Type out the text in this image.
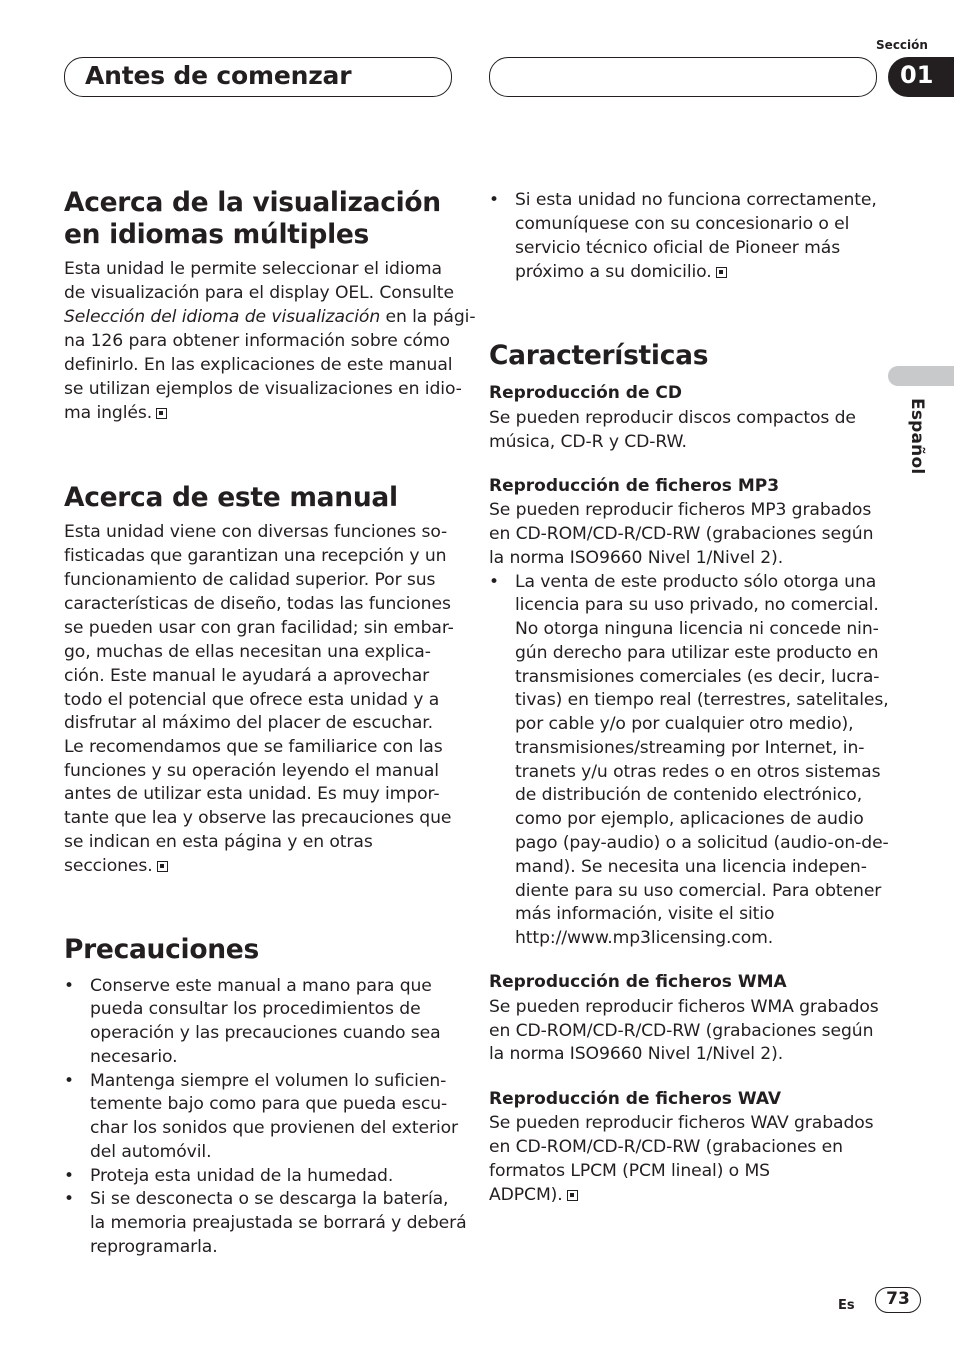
Antes de comenzar
Sección
01
Español
Acerca de la visualización
en idiomas múltiples

Esta unidad le permite seleccionar el idioma

de visualización para el display OEL. Consulte

Selección del idioma de visualización en la pági-

na 126 para obtener información sobre cómo

definirlo. En las explicaciones de este manual

se utilizan ejemplos de visualizaciones en idio-

ma inglés.

Acerca de este manual

Esta unidad viene con diversas funciones so-

fisticadas que garantizan una recepción y un

funcionamiento de calidad superior. Por sus

características de diseño, todas las funciones

se pueden usar con gran facilidad; sin embar-

go, muchas de ellas necesitan una explica-

ción. Este manual le ayudará a aprovechar

todo el potencial que ofrece esta unidad y a

disfrutar al máximo del placer de escuchar.

Le recomendamos que se familiarice con las

funciones y su operación leyendo el manual

antes de utilizar esta unidad. Es muy impor-

tante que lea y observe las precauciones que

se indican en esta página y en otras

secciones.

Precauciones
• Conserve este manual a mano para que

pueda consultar los procedimientos de

operación y las precauciones cuando sea

necesario.

• Mantenga siempre el volumen lo suficien-

temente bajo como para que pueda escu-

char los sonidos que provienen del exterior

del automóvil.

• Proteja esta unidad de la humedad.

• Si se desconecta o se descarga la batería,

la memoria preajustada se borrará y deberá

reprogramarla.

• Si esta unidad no funciona correctamente,

comuníquese con su concesionario o el

servicio técnico oficial de Pioneer más

próximo a su domicilio.

Características

Reproducción de CD

Se pueden reproducir discos compactos de

música, CD-R y CD-RW.

Reproducción de ficheros MP3

Se pueden reproducir ficheros MP3 grabados

en CD-ROM/CD-R/CD-RW (grabaciones según

la norma ISO9660 Nivel 1/Nivel 2).

• La venta de este producto sólo otorga una

licencia para su uso privado, no comercial.

No otorga ninguna licencia ni concede nin-

gún derecho para utilizar este producto en

transmisiones comerciales (es decir, lucra-

tivas) en tiempo real (terrestres, satelitales,

por cable y/o por cualquier otro medio),

transmisiones/streaming por Internet, in-

tranets y/u otras redes o en otros sistemas

de distribución de contenido electrónico,

como por ejemplo, aplicaciones de audio

pago (pay-audio) o a solicitud (audio-on-de-

mand). Se necesita una licencia indepen-

diente para su uso comercial. Para obtener

más información, visite el sitio

http://www.mp3licensing.com.

Reproducción de ficheros WMA

Se pueden reproducir ficheros WMA grabados

en CD-ROM/CD-R/CD-RW (grabaciones según

la norma ISO9660 Nivel 1/Nivel 2).

Reproducción de ficheros WAV

Se pueden reproducir ficheros WAV grabados

en CD-ROM/CD-R/CD-RW (grabaciones en

formatos LPCM (PCM lineal) o MS

ADPCM).

Es	73
